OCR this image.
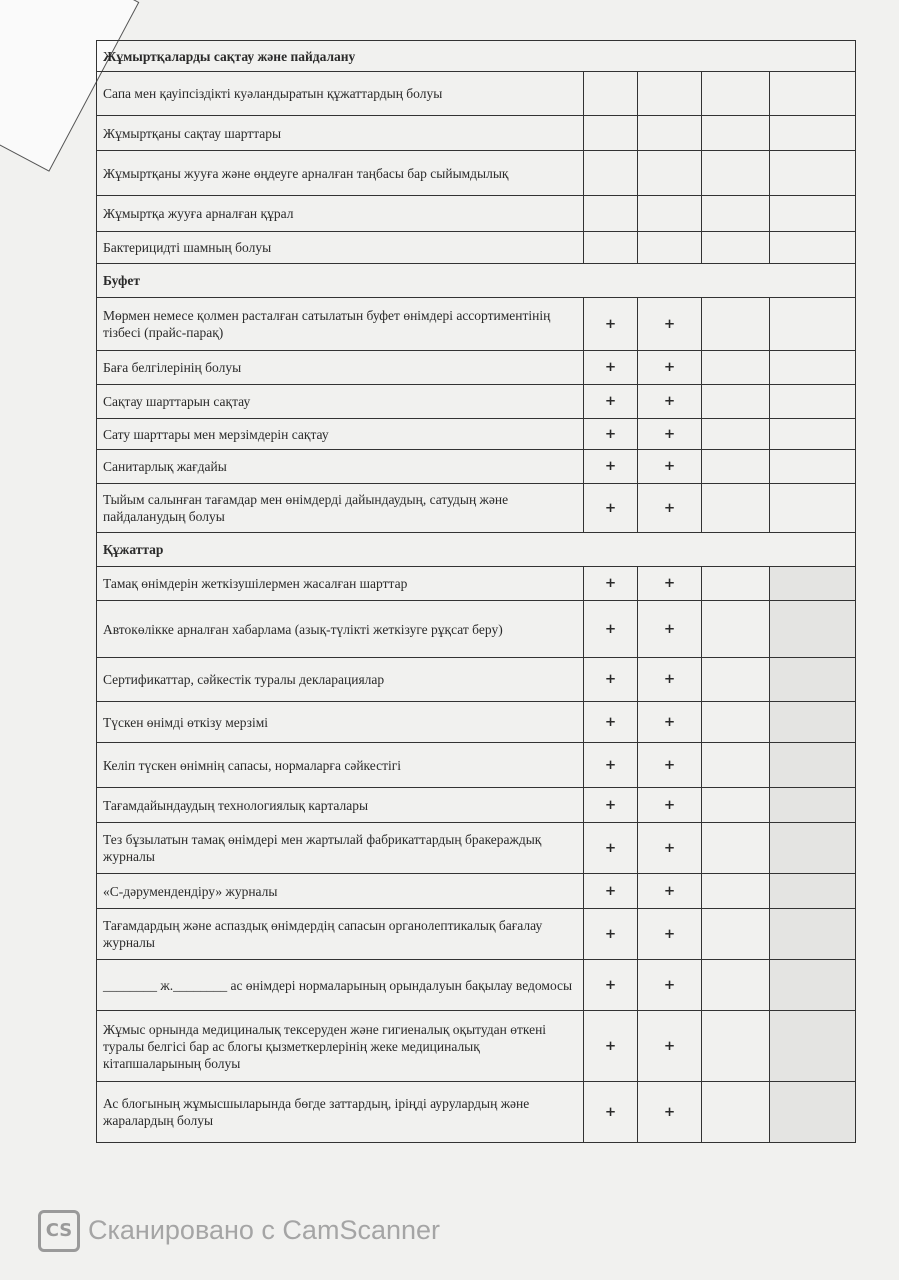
Жұмыртқаларды сақтау және пайдалану				
Сапа мен қауіпсіздікті куәландыратын құжаттардың болуы				
Жұмыртқаны сақтау шарттары				
Жұмыртқаны жууға және өңдеуге арналған таңбасы бар сыйымдылық				
Жұмыртқа жууға арналған құрал				
Бактерицидті шамның болуы				
Буфет				
Мөрмен немесе қолмен расталған сатылатын буфет өнімдері ассортиментінің тізбесі (прайс-парақ)	+	+		
Баға белгілерінің болуы	+	+		
Сақтау шарттарын сақтау	+	+		
Сату шарттары мен мерзімдерін сақтау	+	+		
Санитарлық жағдайы	+	+		
Тыйым салынған тағамдар мен өнімдерді дайындаудың, сатудың және пайдаланудың болуы	+	+		
Құжаттар				
Тамақ өнімдерін жеткізушілермен жасалған шарттар	+	+		
Автокөлікке арналған хабарлама (азық-түлікті жеткізуге рұқсат беру)	+	+		
Сертификаттар, сәйкестік туралы декларациялар	+	+		
Түскен өнімді өткізу мерзімі	+	+		
Келіп түскен өнімнің сапасы, нормаларға сәйкестігі	+	+		
Тағамдайындаудың технологиялық карталары	+	+		
Тез бұзылатын тамақ өнімдері мен жартылай фабрикаттардың бракераждық журналы	+	+		
«С-дәрумендендіру» журналы	+	+		
Тағамдардың және аспаздық өнімдердің сапасын органолептикалық бағалау журналы	+	+		
________ ж.________ ас өнімдері нормаларының орындалуын бақылау ведомосы	+	+		
Жұмыс орнында медициналық тексеруден және гигиеналық оқытудан өткені туралы белгісі бар ас блогы қызметкерлерінің жеке медициналық кітапшаларының болуы	+	+		
Ас блогының жұмысшыларында бөгде заттардың, іріңді аурулардың және жаралардың болуы	+	+		
CS Сканировано с CamScanner
